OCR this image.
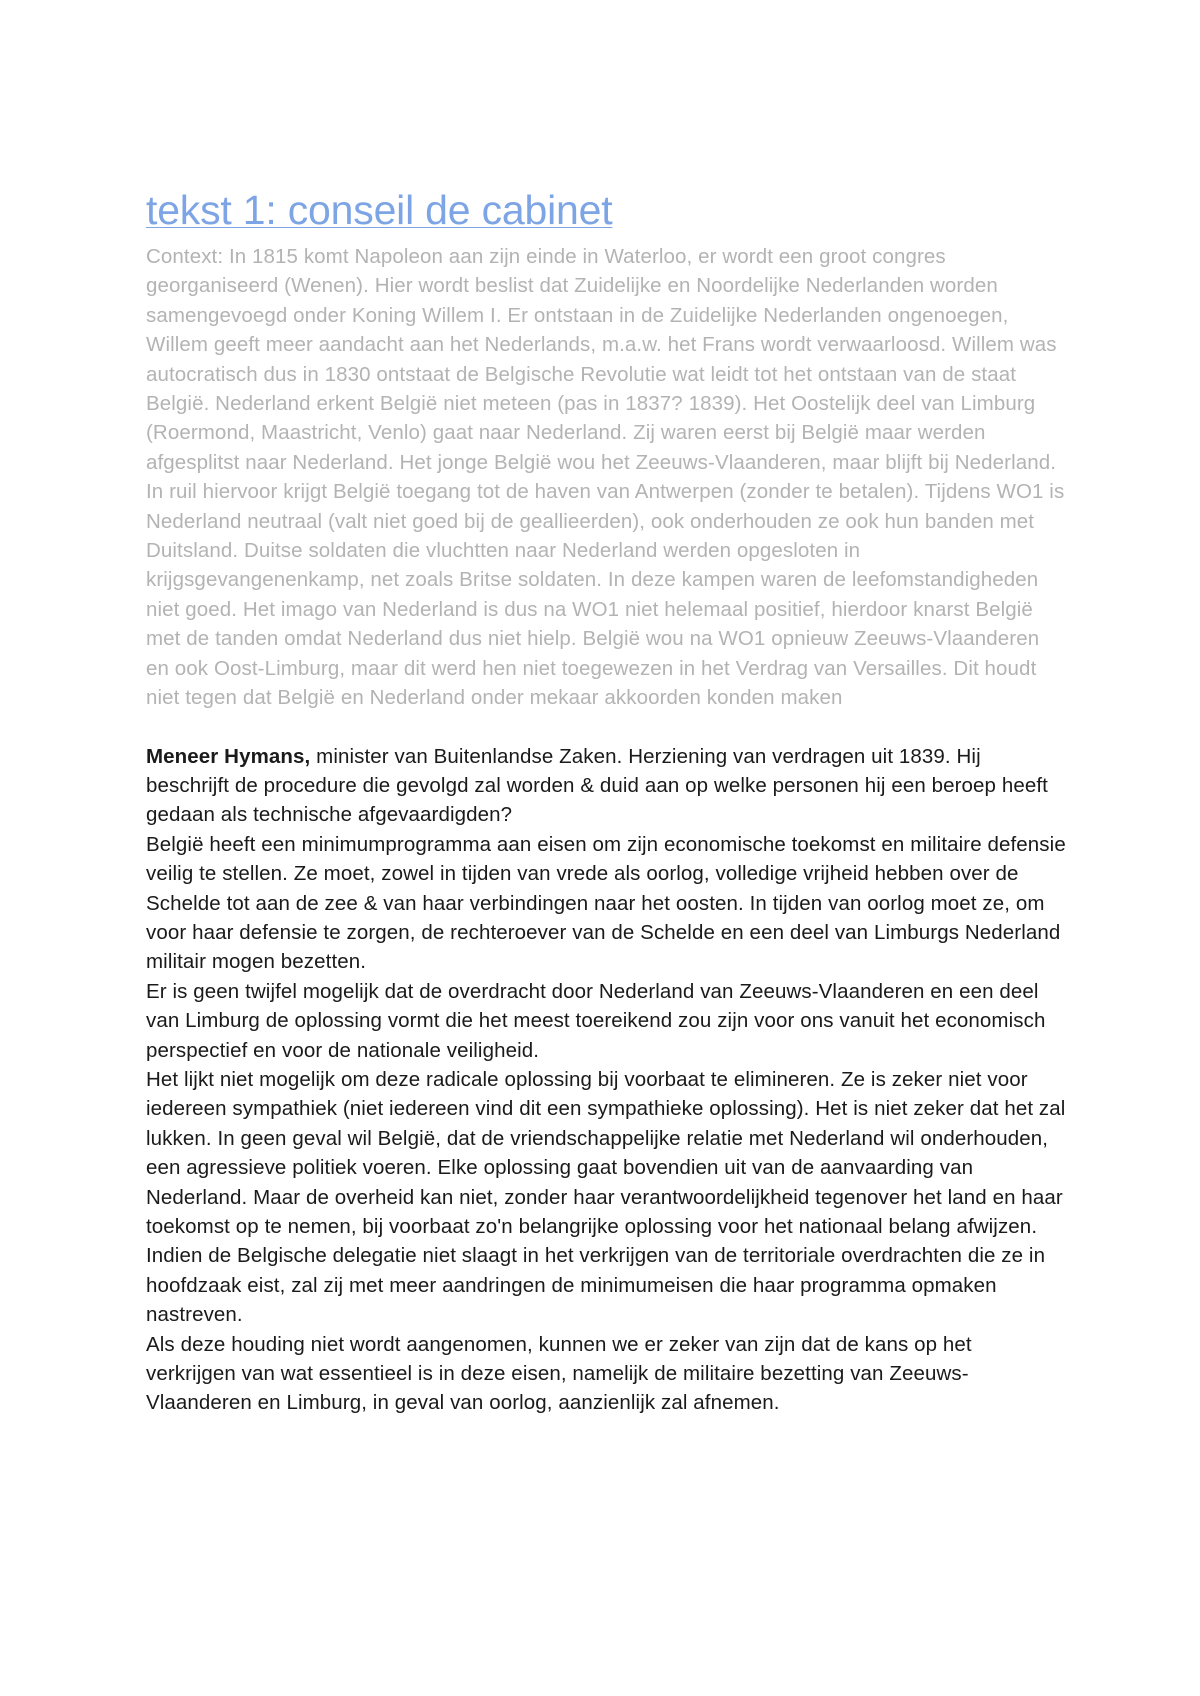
tekst 1: conseil de cabinet

Context: In 1815 komt Napoleon aan zijn einde in Waterloo, er wordt een groot congres georganiseerd (Wenen). Hier wordt beslist dat Zuidelijke en Noordelijke Nederlanden worden samengevoegd onder Koning Willem I. Er ontstaan in de Zuidelijke Nederlanden ongenoegen, Willem geeft meer aandacht aan het Nederlands, m.a.w. het Frans wordt verwaarloosd. Willem was autocratisch dus in 1830 ontstaat de Belgische Revolutie wat leidt tot het ontstaan van de staat België. Nederland erkent België niet meteen (pas in 1837? 1839). Het Oostelijk deel van Limburg (Roermond, Maastricht, Venlo) gaat naar Nederland. Zij waren eerst bij België maar werden afgesplitst naar Nederland. Het jonge België wou het Zeeuws-Vlaanderen, maar blijft bij Nederland. In ruil hiervoor krijgt België toegang tot de haven van Antwerpen (zonder te betalen). Tijdens WO1 is Nederland neutraal (valt niet goed bij de geallieerden), ook onderhouden ze ook hun banden met Duitsland. Duitse soldaten die vluchtten naar Nederland werden opgesloten in krijgsgevangenenkamp, net zoals Britse soldaten. In deze kampen waren de leefomstandigheden niet goed. Het imago van Nederland is dus na WO1 niet helemaal positief, hierdoor knarst België met de tanden omdat Nederland dus niet hielp. België wou na WO1 opnieuw Zeeuws-Vlaanderen en ook Oost-Limburg, maar dit werd hen niet toegewezen in het Verdrag van Versailles. Dit houdt niet tegen dat België en Nederland onder mekaar akkoorden konden maken

Meneer Hymans, minister van Buitenlandse Zaken. Herziening van verdragen uit 1839. Hij beschrijft de procedure die gevolgd zal worden & duid aan op welke personen hij een beroep heeft gedaan als technische afgevaardigden?

België heeft een minimumprogramma aan eisen om zijn economische toekomst en militaire defensie veilig te stellen. Ze moet, zowel in tijden van vrede als oorlog, volledige vrijheid hebben over de Schelde tot aan de zee & van haar verbindingen naar het oosten. In tijden van oorlog moet ze, om voor haar defensie te zorgen, de rechteroever van de Schelde en een deel van Limburgs Nederland militair mogen bezetten.

Er is geen twijfel mogelijk dat de overdracht door Nederland van Zeeuws-Vlaanderen en een deel van Limburg de oplossing vormt die het meest toereikend zou zijn voor ons vanuit het economisch perspectief en voor de nationale veiligheid.

Het lijkt niet mogelijk om deze radicale oplossing bij voorbaat te elimineren. Ze is zeker niet voor iedereen sympathiek (niet iedereen vind dit een sympathieke oplossing). Het is niet zeker dat het zal lukken. In geen geval wil België, dat de vriendschappelijke relatie met Nederland wil onderhouden, een agressieve politiek voeren. Elke oplossing gaat bovendien uit van de aanvaarding van Nederland. Maar de overheid kan niet, zonder haar verantwoordelijkheid tegenover het land en haar toekomst op te nemen, bij voorbaat zo'n belangrijke oplossing voor het nationaal belang afwijzen.

Indien de Belgische delegatie niet slaagt in het verkrijgen van de territoriale overdrachten die ze in hoofdzaak eist, zal zij met meer aandringen de minimumeisen die haar programma opmaken nastreven.

Als deze houding niet wordt aangenomen, kunnen we er zeker van zijn dat de kans op het verkrijgen van wat essentieel is in deze eisen, namelijk de militaire bezetting van Zeeuws-Vlaanderen en Limburg, in geval van oorlog, aanzienlijk zal afnemen.
